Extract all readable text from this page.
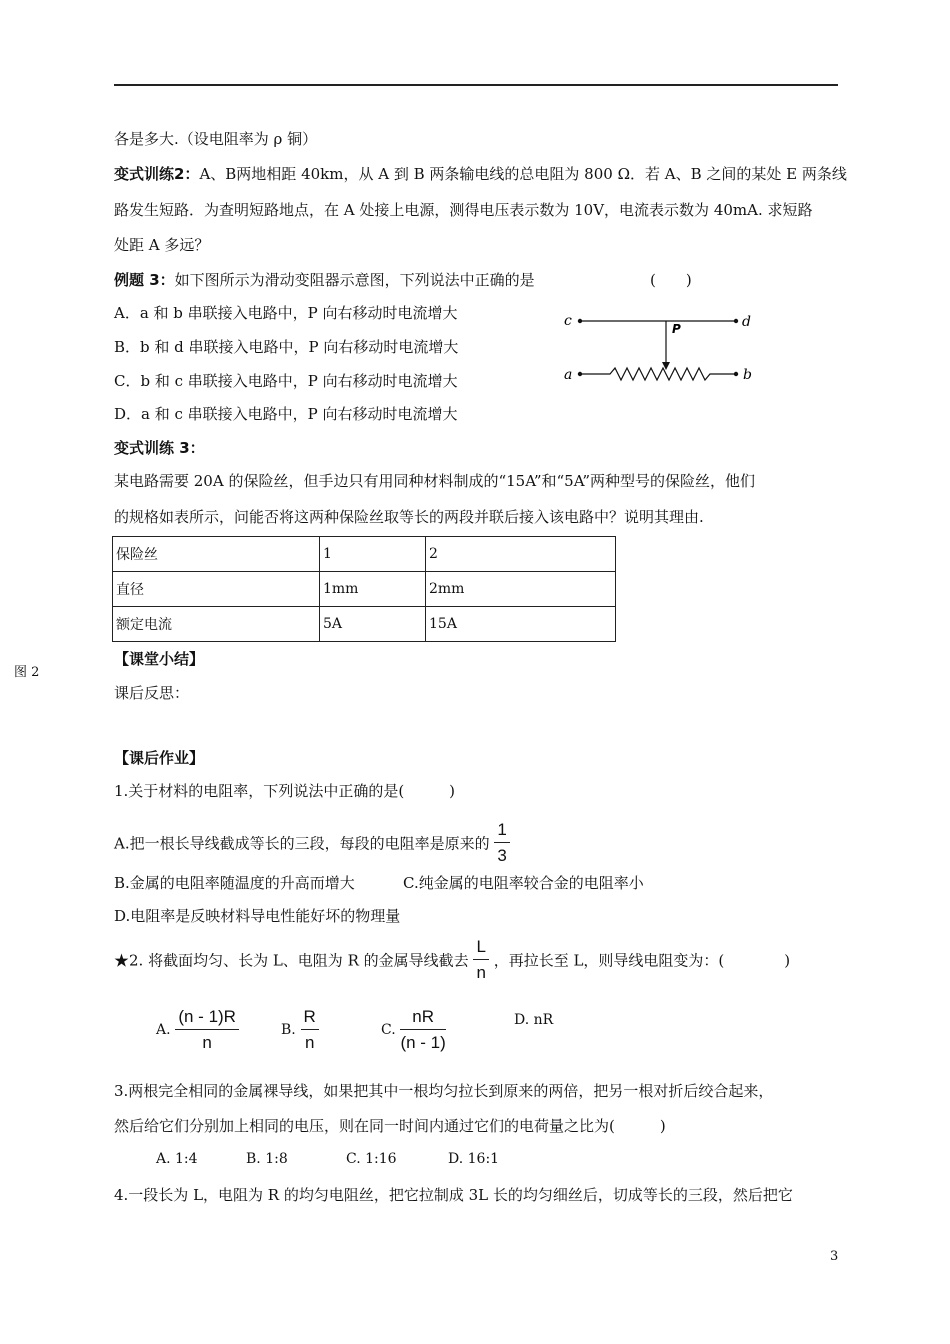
各是多大.（设电阻率为 ρ 铜）
变式训练2：A、B两地相距 40km，从 A 到 B 两条输电线的总电阻为 800 Ω．若 A、B 之间的某处 E 两条线
路发生短路．为查明短路地点，在 A 处接上电源，测得电压表示数为 10V，电流表示数为 40mA. 求短路
处距 A 多远？
例题 3：如下图所示为滑动变阻器示意图，下列说法中正确的是	(　　)
A．a 和 b 串联接入电路中，P 向右移动时电流增大
B．b 和 d 串联接入电路中，P 向右移动时电流增大
C．b 和 c 串联接入电路中，P 向右移动时电流增大
D．a 和 c 串联接入电路中，P 向右移动时电流增大
c	d
P
a	b
变式训练 3：
某电路需要 20A 的保险丝，但手边只有用同种材料制成的“15A”和“5A”两种型号的保险丝，他们
的规格如表所示，问能否将这两种保险丝取等长的两段并联后接入该电路中？说明其理由.
保险丝	1	2
直径	1mm	2mm
额定电流	5A	15A
图 2
【课堂小结】
课后反思：
【课后作业】
1.关于材料的电阻率，下列说法中正确的是(　　　)
A.把一根长导线截成等长的三段，每段的电阻率是原来的 $\frac{1}{3}$
B.金属的电阻率随温度的升高而增大	C.纯金属的电阻率较合金的电阻率小
D.电阻率是反映材料导电性能好坏的物理量
★2. 将截面均匀、长为 L、电阻为 R 的金属导线截去 $\frac{L}{n}$ ，再拉长至 L，则导线电阻变为：(　　　　)
A. $\frac{(n - 1)R}{n}$	B. $\frac{R}{n}$	C. $\frac{nR}{(n - 1)}$	D. nR
3.两根完全相同的金属裸导线，如果把其中一根均匀拉长到原来的两倍，把另一根对折后绞合起来，
然后给它们分别加上相同的电压，则在同一时间内通过它们的电荷量之比为(　　　)
A. 1:4	B. 1:8	C. 1:16	D. 16:1
4.一段长为 L，电阻为 R 的均匀电阻丝，把它拉制成 3L 长的均匀细丝后，切成等长的三段，然后把它
3
